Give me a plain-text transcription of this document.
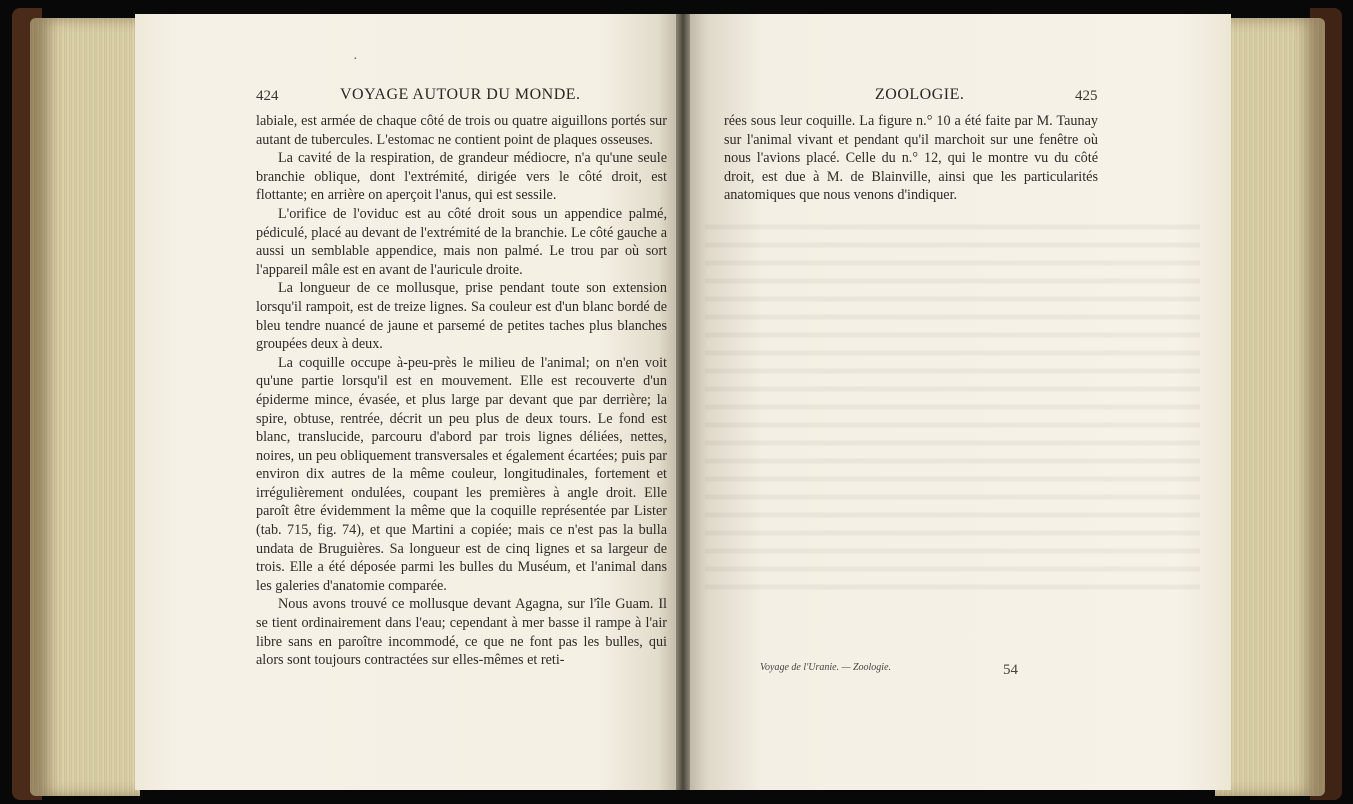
424	VOYAGE AUTOUR DU MONDE.

labiale, est armée de chaque côté de trois ou quatre aiguillons portés sur autant de tubercules. L'estomac ne contient point de plaques osseuses.

La cavité de la respiration, de grandeur médiocre, n'a qu'une seule branchie oblique, dont l'extrémité, dirigée vers le côté droit, est flottante; en arrière on aperçoit l'anus, qui est sessile.

L'orifice de l'oviduc est au côté droit sous un appendice palmé, pédiculé, placé au devant de l'extrémité de la branchie. Le côté gauche a aussi un semblable appendice, mais non palmé. Le trou par où sort l'appareil mâle est en avant de l'auricule droite.

La longueur de ce mollusque, prise pendant toute son extension lorsqu'il rampoit, est de treize lignes. Sa couleur est d'un blanc bordé de bleu tendre nuancé de jaune et parsemé de petites taches plus blanches groupées deux à deux.

La coquille occupe à-peu-près le milieu de l'animal; on n'en voit qu'une partie lorsqu'il est en mouvement. Elle est recouverte d'un épiderme mince, évasée, et plus large par devant que par derrière; la spire, obtuse, rentrée, décrit un peu plus de deux tours. Le fond est blanc, translucide, parcouru d'abord par trois lignes déliées, nettes, noires, un peu obliquement transversales et également écartées; puis par environ dix autres de la même couleur, longitudinales, fortement et irrégulièrement ondulées, coupant les premières à angle droit. Elle paroît être évidemment la même que la coquille représentée par Lister (tab. 715, fig. 74), et que Martini a copiée; mais ce n'est pas la bulla undata de Bruguières. Sa longueur est de cinq lignes et sa largeur de trois. Elle a été déposée parmi les bulles du Muséum, et l'animal dans les galeries d'anatomie comparée.

Nous avons trouvé ce mollusque devant Agagna, sur l'île Guam. Il se tient ordinairement dans l'eau; cependant à mer basse il rampe à l'air libre sans en paroître incommodé, ce que ne font pas les bulles, qui alors sont toujours contractées sur elles-mêmes et reti-

ZOOLOGIE.	425

rées sous leur coquille. La figure n.° 10 a été faite par M. Taunay sur l'animal vivant et pendant qu'il marchoit sur une fenêtre où nous l'avions placé. Celle du n.° 12, qui le montre vu du côté droit, est due à M. de Blainville, ainsi que les particularités anatomiques que nous venons d'indiquer.

Voyage de l'Uranie. — Zoologie.	54
·
